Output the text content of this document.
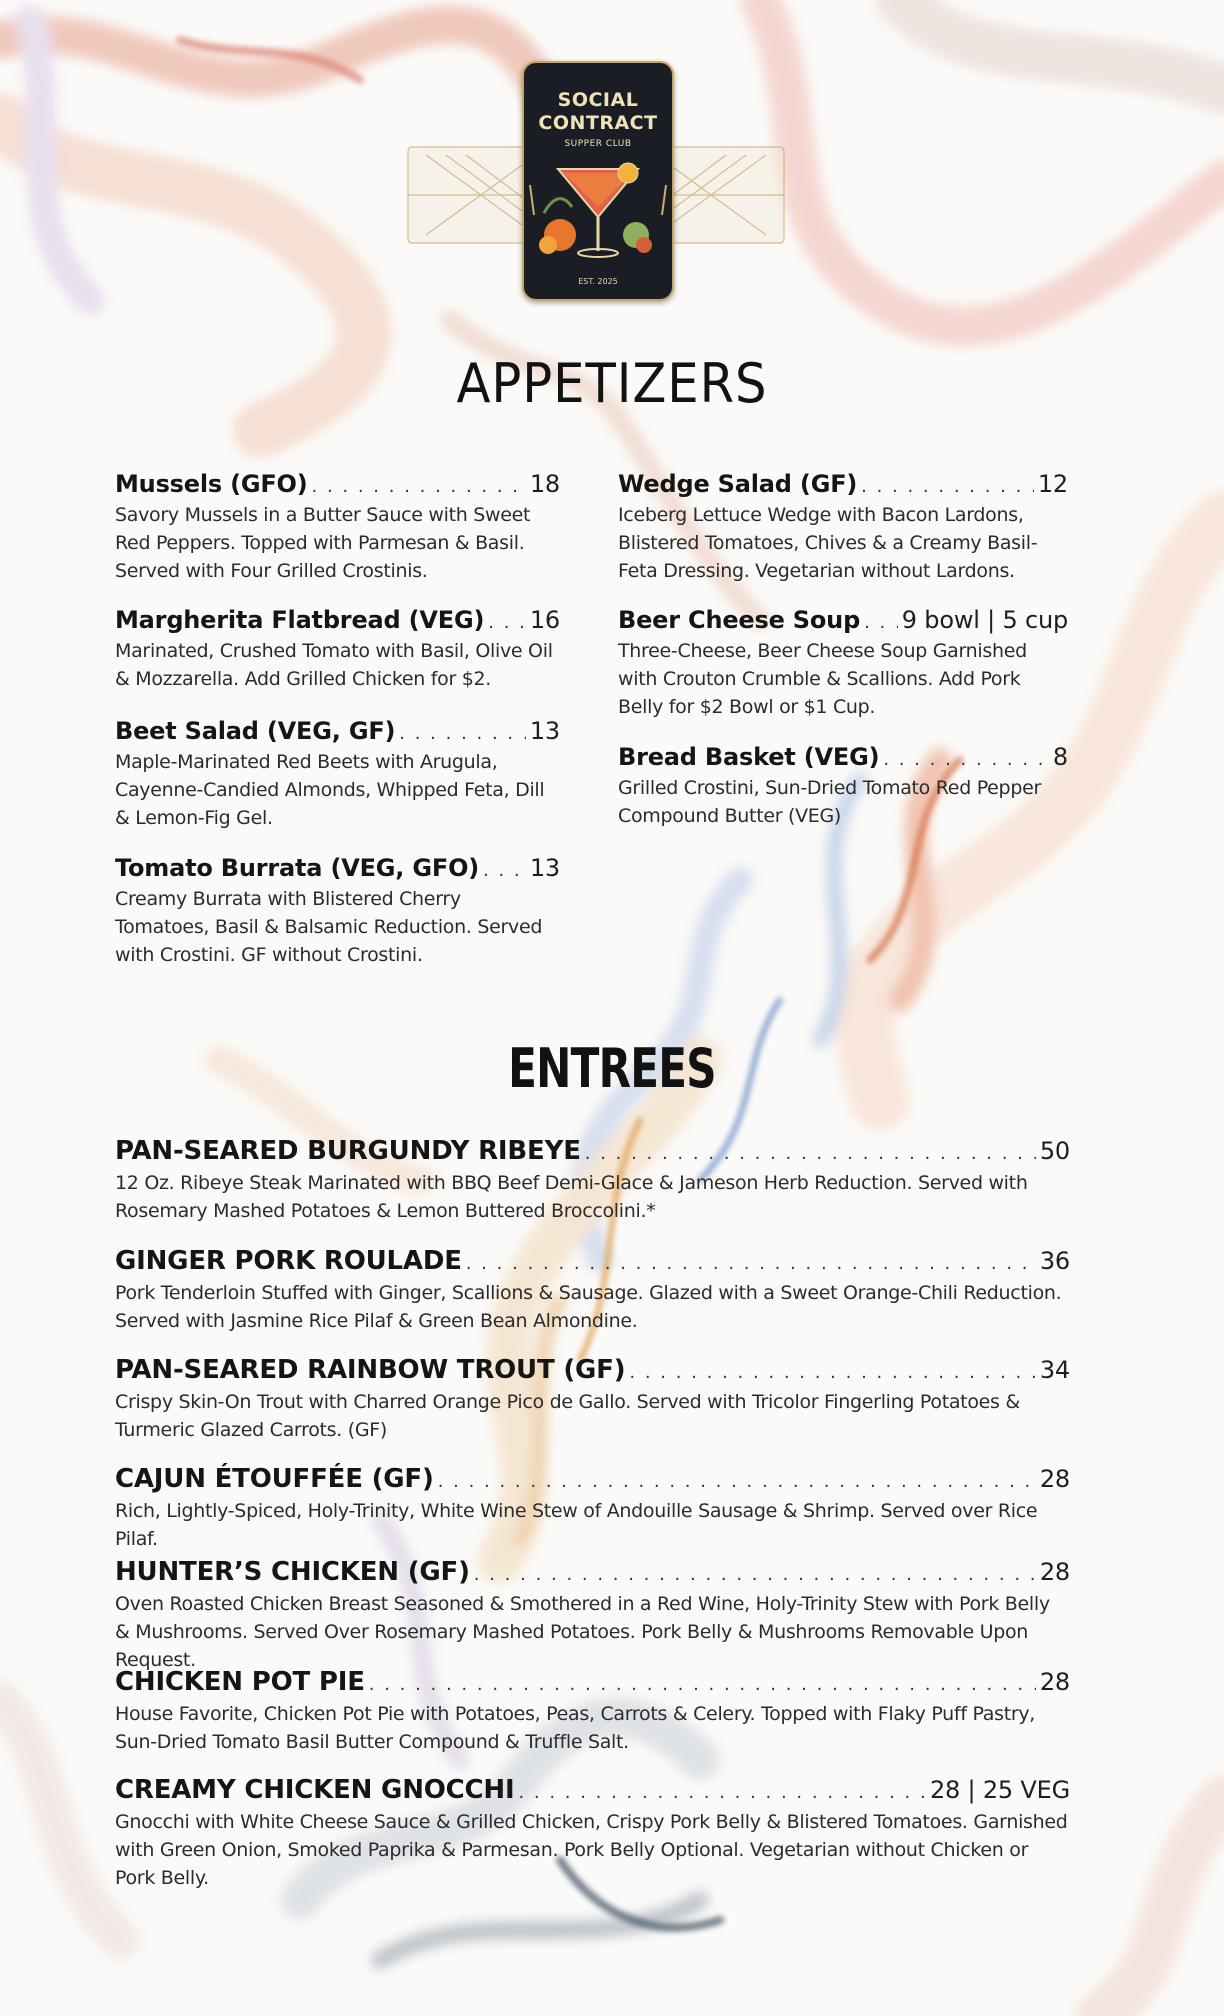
SOCIAL
CONTRACT
SUPPER CLUB
EST. 2025
APPETIZERS
Mussels (GFO) . . .	18
Savory Mussels in a Butter Sauce with Sweet Red Peppers. Topped with Parmesan & Basil. Served with Four Grilled Crostinis.
Margherita Flatbread (VEG) . . . 16
Marinated, Crushed Tomato with Basil, Olive Oil & Mozzarella. Add Grilled Chicken for $2.
Beet Salad (VEG, GF) . . .	13
Maple-Marinated Red Beets with Arugula, Cayenne-Candied Almonds, Whipped Feta, Dill & Lemon-Fig Gel.
Tomato Burrata (VEG, GFO) . . . 13
Creamy Burrata with Blistered Cherry Tomatoes, Basil & Balsamic Reduction. Served with Crostini. GF without Crostini.
Wedge Salad (GF) . . .	12
Iceberg Lettuce Wedge with Bacon Lardons, Blistered Tomatoes, Chives & a Creamy Basil-Feta Dressing. Vegetarian without Lardons.
Beer Cheese Soup . . . 9 bowl | 5 cup
Three-Cheese, Beer Cheese Soup Garnished with Crouton Crumble & Scallions. Add Pork Belly for $2 Bowl or $1 Cup.
Bread Basket (VEG) . . .	8
Grilled Crostini, Sun-Dried Tomato Red Pepper Compound Butter (VEG)
ENTREES
PAN-SEARED BURGUNDY RIBEYE . . .	50
12 Oz. Ribeye Steak Marinated with BBQ Beef Demi-Glace & Jameson Herb Reduction. Served with Rosemary Mashed Potatoes & Lemon Buttered Broccolini.*
GINGER PORK ROULADE . . .	36
Pork Tenderloin Stuffed with Ginger, Scallions & Sausage. Glazed with a Sweet Orange-Chili Reduction. Served with Jasmine Rice Pilaf & Green Bean Almondine.
PAN-SEARED RAINBOW TROUT (GF) . . .	34
Crispy Skin-On Trout with Charred Orange Pico de Gallo. Served with Tricolor Fingerling Potatoes & Turmeric Glazed Carrots. (GF)
CAJUN ÉTOUFFÉE (GF) . . .	28
Rich, Lightly-Spiced, Holy-Trinity, White Wine Stew of Andouille Sausage & Shrimp. Served over Rice Pilaf.
HUNTER’S CHICKEN (GF) . . .	28
Oven Roasted Chicken Breast Seasoned & Smothered in a Red Wine, Holy-Trinity Stew with Pork Belly & Mushrooms. Served Over Rosemary Mashed Potatoes. Pork Belly & Mushrooms Removable Upon Request.
CHICKEN POT PIE . . .	28
House Favorite, Chicken Pot Pie with Potatoes, Peas, Carrots & Celery. Topped with Flaky Puff Pastry, Sun-Dried Tomato Basil Butter Compound & Truffle Salt.
CREAMY CHICKEN GNOCCHI . . .	28 | 25 VEG
Gnocchi with White Cheese Sauce & Grilled Chicken, Crispy Pork Belly & Blistered Tomatoes. Garnished with Green Onion, Smoked Paprika & Parmesan. Pork Belly Optional. Vegetarian without Chicken or Pork Belly.
